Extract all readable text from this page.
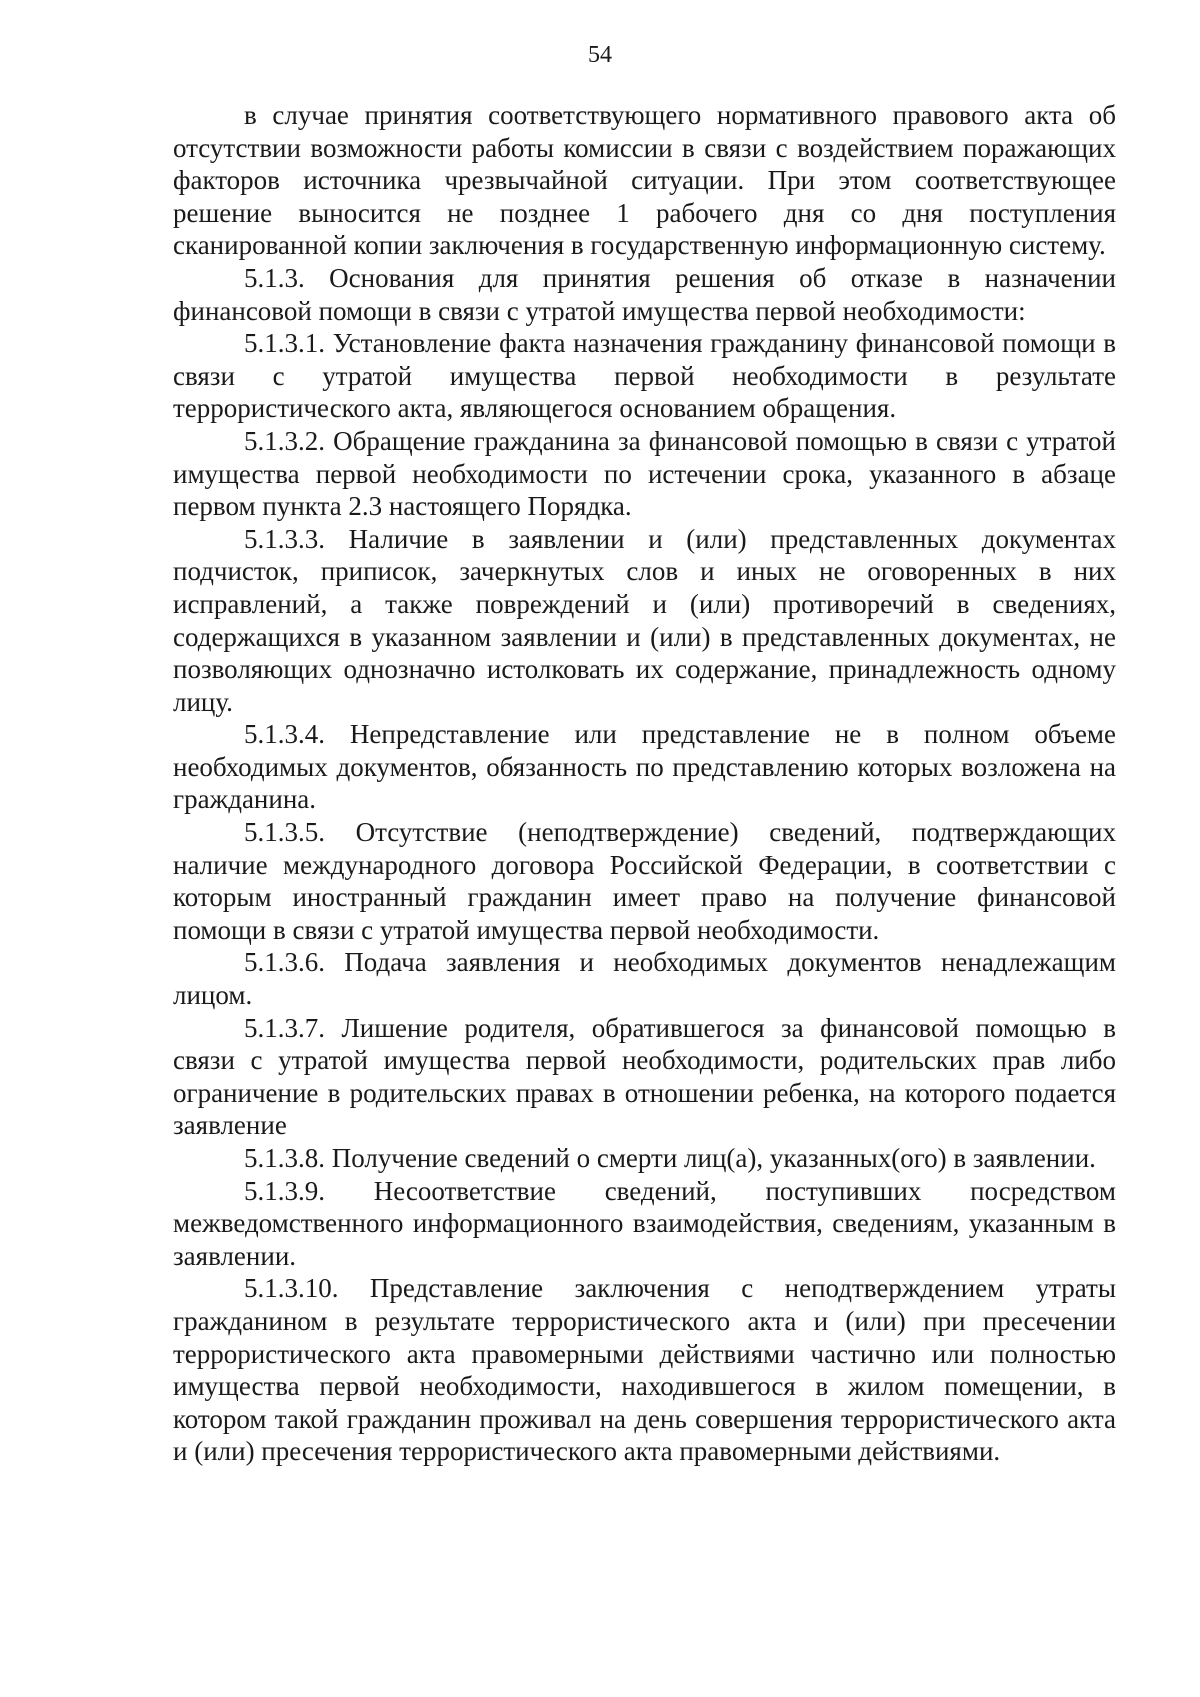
54

в случае принятия соответствующего нормативного правового акта об отсутствии возможности работы комиссии в связи с воздействием поражающих факторов источника чрезвычайной ситуации. При этом соответствующее решение выносится не позднее 1 рабочего дня со дня поступления сканированной копии заключения в государственную информационную систему.

5.1.3. Основания для принятия решения об отказе в назначении финансовой помощи в связи с утратой имущества первой необходимости:

5.1.3.1. Установление факта назначения гражданину финансовой помощи в связи с утратой имущества первой необходимости в результате террористического акта, являющегося основанием обращения.

5.1.3.2. Обращение гражданина за финансовой помощью в связи с утратой имущества первой необходимости по истечении срока, указанного в абзаце первом пункта 2.3 настоящего Порядка.

5.1.3.3. Наличие в заявлении и (или) представленных документах подчисток, приписок, зачеркнутых слов и иных не оговоренных в них исправлений, а также повреждений и (или) противоречий в сведениях, содержащихся в указанном заявлении и (или) в представленных документах, не позволяющих однозначно истолковать их содержание, принадлежность одному лицу.

5.1.3.4. Непредставление или представление не в полном объеме необходимых документов, обязанность по представлению которых возложена на гражданина.

5.1.3.5. Отсутствие (неподтверждение) сведений, подтверждающих наличие международного договора Российской Федерации, в соответствии с которым иностранный гражданин имеет право на получение финансовой помощи в связи с утратой имущества первой необходимости.

5.1.3.6. Подача заявления и необходимых документов ненадлежащим лицом.

5.1.3.7. Лишение родителя, обратившегося за финансовой помощью в связи с утратой имущества первой необходимости, родительских прав либо ограничение в родительских правах в отношении ребенка, на которого подается заявление

5.1.3.8. Получение сведений о смерти лиц(а), указанных(ого) в заявлении.

5.1.3.9. Несоответствие сведений, поступивших посредством межведомственного информационного взаимодействия, сведениям, указанным в заявлении.

5.1.3.10. Представление заключения с неподтверждением утраты гражданином в результате террористического акта и (или) при пресечении террористического акта правомерными действиями частично или полностью имущества первой необходимости, находившегося в жилом помещении, в котором такой гражданин проживал на день совершения террористического акта и (или) пресечения террористического акта правомерными действиями.
